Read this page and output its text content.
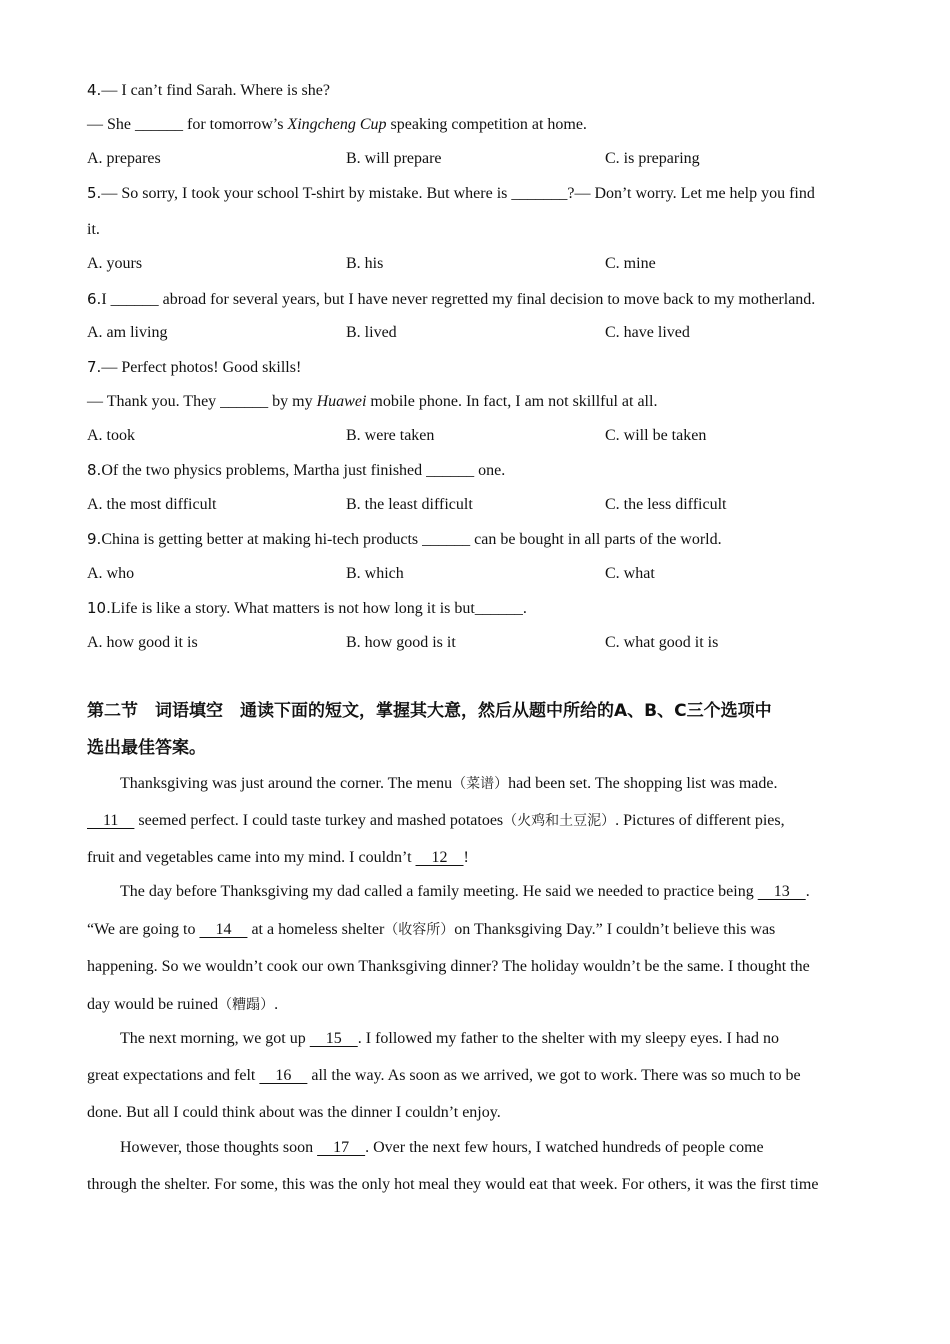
4.— I can’t find Sarah. Where is she?
— She ______ for tomorrow’s Xingcheng Cup speaking competition at home.
A. prepares	B. will prepare	C. is preparing
5.— So sorry, I took your school T-shirt by mistake. But where is _______?— Don’t worry. Let me help you find
it.
A. yours	B. his	C. mine
6.I ______ abroad for several years, but I have never regretted my final decision to move back to my motherland.
A. am living	B. lived	C. have lived
7.— Perfect photos! Good skills!
— Thank you. They ______ by my Huawei mobile phone. In fact, I am not skillful at all.
A. took	B. were taken	C. will be taken
8.Of the two physics problems, Martha just finished ______ one.
A. the most difficult	B. the least difficult	C. the less difficult
9.China is getting better at making hi-tech products ______ can be bought in all parts of the world.
A. who	B. which	C. what
10.Life is like a story. What matters is not how long it is but______.
A. how good it is	B. how good is it	C. what good it is
第二节　词语填空　通读下面的短文，掌握其大意，然后从题中所给的A、B、C三个选项中
选出最佳答案。
Thanksgiving was just around the corner. The menu（菜谱）had been set. The shopping list was made.
11     seemed perfect. I could taste turkey and mashed potatoes（火鸡和土豆泥）. Pictures of different pies,
fruit and vegetables came into my mind. I couldn’t     12    !
The day before Thanksgiving my dad called a family meeting. He said we needed to practice being     13    .
“We are going to     14     at a homeless shelter（收容所）on Thanksgiving Day.” I couldn’t believe this was
happening. So we wouldn’t cook our own Thanksgiving dinner? The holiday wouldn’t be the same. I thought the
day would be ruined（糟蹋）.
The next morning, we got up     15    . I followed my father to the shelter with my sleepy eyes. I had no
great expectations and felt     16     all the way. As soon as we arrived, we got to work. There was so much to be
done. But all I could think about was the dinner I couldn’t enjoy.
However, those thoughts soon     17    . Over the next few hours, I watched hundreds of people come
through the shelter. For some, this was the only hot meal they would eat that week. For others, it was the first time
